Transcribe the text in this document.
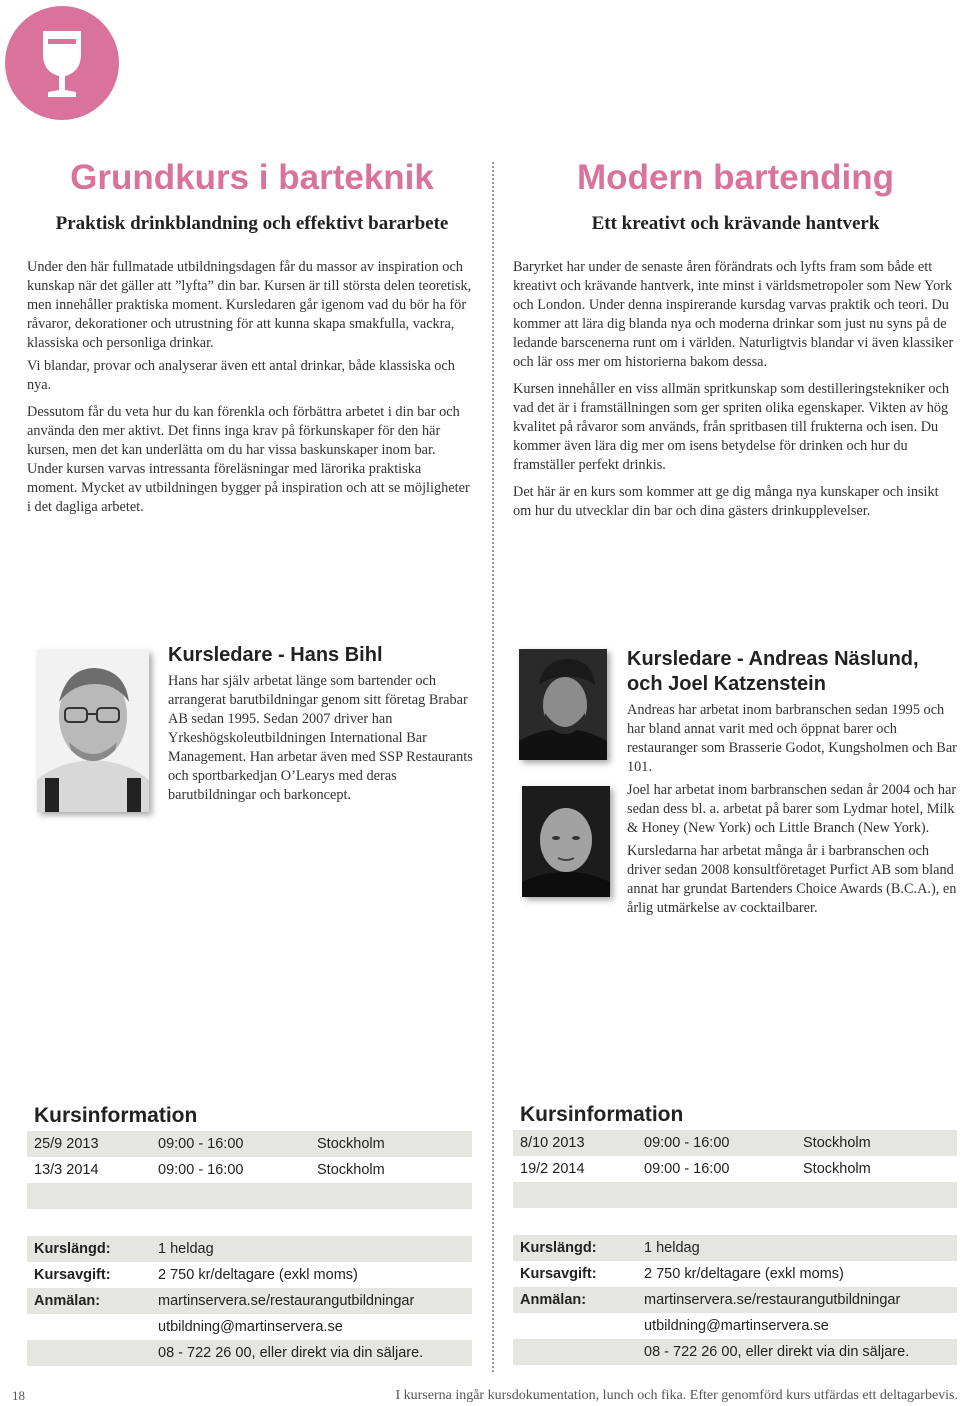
Grundkurs i barteknik
Praktisk drinkblandning och effektivt bararbete

Under den här fullmatade utbildningsdagen får du massor av inspiration och kunskap när det gäller att ”lyfta” din bar. Kursen är till största delen teoretisk, men innehåller praktiska moment. Kursledaren går igenom vad du bör ha för råvaror, dekorationer och utrustning för att kunna skapa smakfulla, vackra, klassiska och personliga drinkar.

Vi blandar, provar och analyserar även ett antal drinkar, både klassiska och nya.

Dessutom får du veta hur du kan förenkla och förbättra arbetet i din bar och använda den mer aktivt. Det finns inga krav på förkunskaper för den här kursen, men det kan underlätta om du har vissa baskunskaper inom bar. Under kursen varvas intressanta föreläsningar med lärorika praktiska moment. Mycket av utbildningen bygger på inspiration och att se möjligheter i det dagliga arbetet.

Kursledare - Hans Bihl

Hans har själv arbetat länge som bartender och arrangerat barutbildningar genom sitt företag Brabar AB sedan 1995. Sedan 2007 driver han Yrkeshögskoleutbildningen International Bar Management. Han arbetar även med SSP Restaurants och sportbarkedjan O’Learys med deras barutbildningar och barkoncept.

Kursinformation
25/9 2013	09:00 - 16:00	Stockholm
13/3 2014	09:00 - 16:00	Stockholm
Kurslängd:	1 heldag
Kursavgift:	2 750 kr/deltagare (exkl moms)
Anmälan:	martinservera.se/restaurangutbildningar
utbildning@martinservera.se
08 - 722 26 00, eller direkt via din säljare.
Modern bartending
Ett kreativt och krävande hantverk

Baryrket har under de senaste åren förändrats och lyfts fram som både ett kreativt och krävande hantverk, inte minst i världsmetropoler som New York och London. Under denna inspirerande kursdag varvas praktik och teori. Du kommer att lära dig blanda nya och moderna drinkar som just nu syns på de ledande barscenerna runt om i världen. Naturligtvis blandar vi även klassiker och lär oss mer om historierna bakom dessa.

Kursen innehåller en viss allmän spritkunskap som destilleringstekniker och vad det är i framställningen som ger spriten olika egenskaper. Vikten av hög kvalitet på råvaror som används, från spritbasen till frukterna och isen. Du kommer även lära dig mer om isens betydelse för drinken och hur du framställer perfekt drinkis.

Det här är en kurs som kommer att ge dig många nya kunskaper och insikt om hur du utvecklar din bar och dina gästers drinkupplevelser.

Kursledare - Andreas Näslund, och Joel Katzenstein

Andreas har arbetat inom barbranschen sedan 1995 och har bland annat varit med och öppnat barer och restauranger som Brasserie Godot, Kungsholmen och Bar 101.

Joel har arbetat inom barbranschen sedan år 2004 och har sedan dess bl. a. arbetat på barer som Lydmar hotel, Milk & Honey (New York) och Little Branch (New York).

Kursledarna har arbetat många år i barbranschen och driver sedan 2008 konsultföretaget Purfict AB som bland annat har grundat Bartenders Choice Awards (B.C.A.), en årlig utmärkelse av cocktailbarer.

Kursinformation
8/10 2013	09:00 - 16:00	Stockholm
19/2 2014	09:00 - 16:00	Stockholm
Kurslängd:	1 heldag
Kursavgift:	2 750 kr/deltagare (exkl moms)
Anmälan:	martinservera.se/restaurangutbildningar
utbildning@martinservera.se
08 - 722 26 00, eller direkt via din säljare.
18	I kurserna ingår kursdokumentation, lunch och fika. Efter genomförd kurs utfärdas ett deltagarbevis.
